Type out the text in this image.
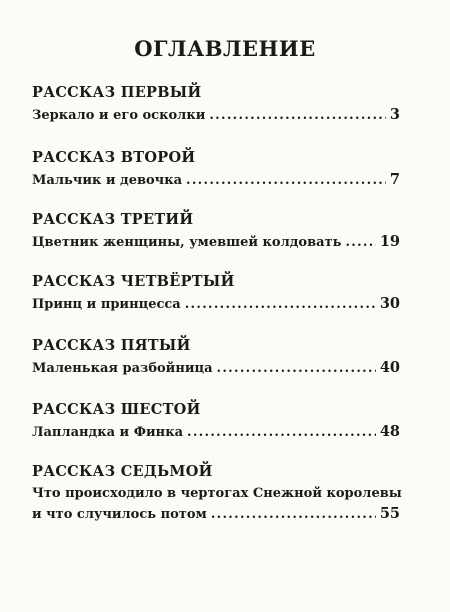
ОГЛАВЛЕНИЕ
РАССКАЗ ПЕРВЫЙ
Зеркало и его осколки .....	3
РАССКАЗ ВТОРОЙ
Мальчик и девочка .....	7
РАССКАЗ ТРЕТИЙ
Цветник женщины, умевшей колдовать .....	19
РАССКАЗ ЧЕТВЁРТЫЙ
Принц и принцесса .....	30
РАССКАЗ ПЯТЫЙ
Маленькая разбойница .....	40
РАССКАЗ ШЕСТОЙ
Лапландка и Финка .....	48
РАССКАЗ СЕДЬМОЙ
Что происходило в чертогах Снежной королевы
и что случилось потом .....	55
